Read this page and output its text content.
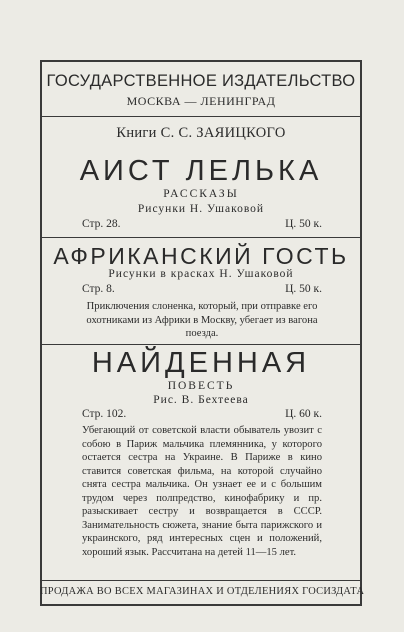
ГОСУДАРСТВЕННОЕ ИЗДАТЕЛЬСТВО

МОСКВА — ЛЕНИНГРАД

Книги С. С. ЗАЯИЦКОГО

АИСТ ЛЕЛЬКА

РАССКАЗЫ

Рисунки Н. Ушаковой

Стр. 28.	Ц. 50 к.

АФРИКАНСКИЙ ГОСТЬ

Рисунки в красках Н. Ушаковой

Стр. 8.	Ц. 50 к.

Приключения слоненка, который, при отправке его охотниками из Африки в Москву, убегает из вагона поезда.

НАЙДЕННАЯ

ПОВЕСТЬ

Рис. В. Бехтеева

Стр. 102.	Ц. 60 к.

Убегающий от советской власти обыватель увозит с собою в Париж мальчика племянника, у которого остается сестра на Украине. В Париже в кино ставится советская фильма, на которой случайно снята сестра мальчика. Он узнает ее и с большим трудом через полпредство, кинофабрику и пр. разыскивает сестру и возвращается в СССР. Занимательность сюжета, знание быта парижского и украинского, ряд интересных сцен и положений, хороший язык. Рассчитана на детей 11—15 лет.

ПРОДАЖА ВО ВСЕХ МАГАЗИНАХ И ОТДЕЛЕНИЯХ ГОСИЗДАТА
